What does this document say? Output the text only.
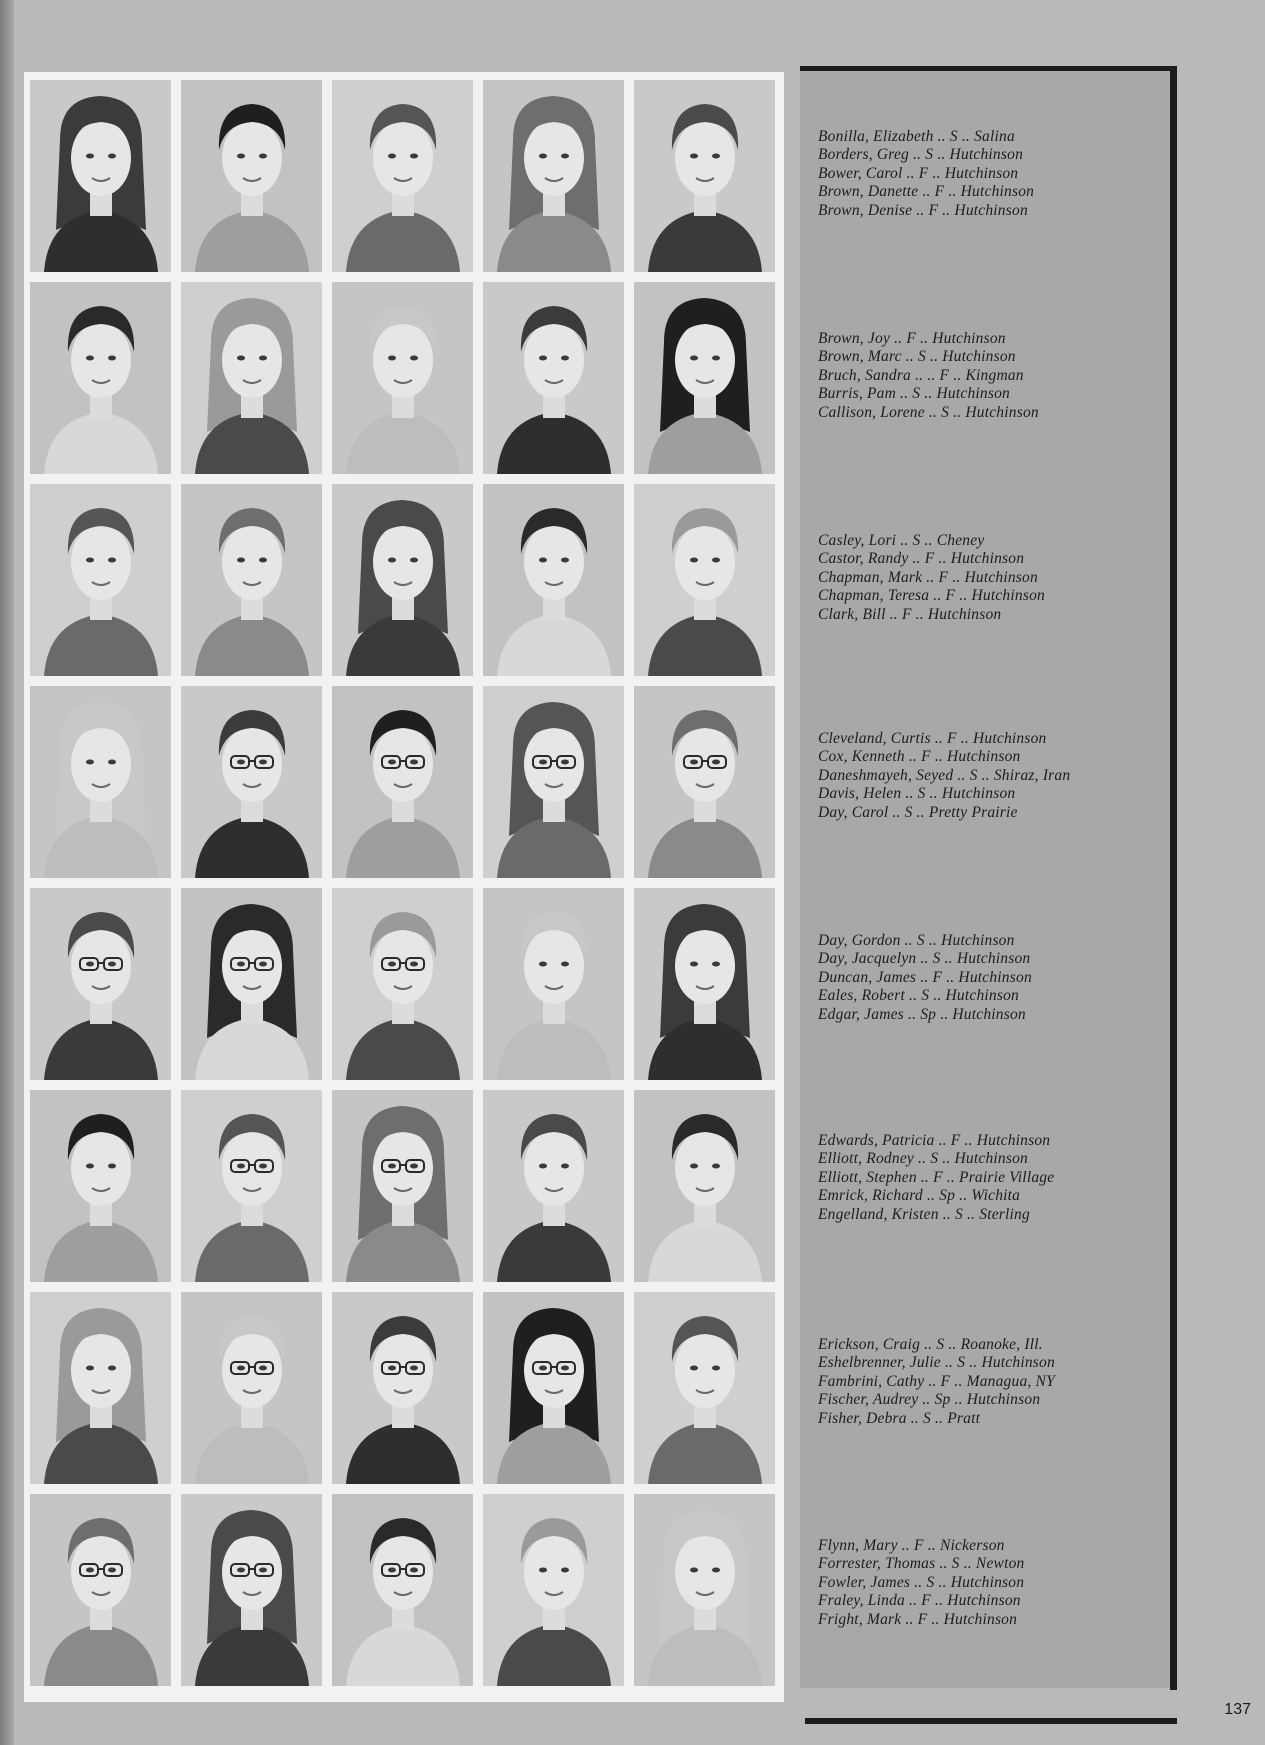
Bonilla, Elizabeth .. S .. Salina
Borders, Greg .. S .. Hutchinson
Bower, Carol .. F .. Hutchinson
Brown, Danette .. F .. Hutchinson
Brown, Denise .. F .. Hutchinson
Brown, Joy .. F .. Hutchinson
Brown, Marc .. S .. Hutchinson
Bruch, Sandra .. .. F .. Kingman
Burris, Pam .. S .. Hutchinson
Callison, Lorene .. S .. Hutchinson
Casley, Lori .. S .. Cheney
Castor, Randy .. F .. Hutchinson
Chapman, Mark .. F .. Hutchinson
Chapman, Teresa .. F .. Hutchinson
Clark, Bill .. F .. Hutchinson
Cleveland, Curtis .. F .. Hutchinson
Cox, Kenneth .. F .. Hutchinson
Daneshmayeh, Seyed .. S .. Shiraz, Iran
Davis, Helen .. S .. Hutchinson
Day, Carol .. S .. Pretty Prairie
Day, Gordon .. S .. Hutchinson
Day, Jacquelyn .. S .. Hutchinson
Duncan, James .. F .. Hutchinson
Eales, Robert .. S .. Hutchinson
Edgar, James .. Sp .. Hutchinson
Edwards, Patricia .. F .. Hutchinson
Elliott, Rodney .. S .. Hutchinson
Elliott, Stephen .. F .. Prairie Village
Emrick, Richard .. Sp .. Wichita
Engelland, Kristen .. S .. Sterling
Erickson, Craig .. S .. Roanoke, Ill.
Eshelbrenner, Julie .. S .. Hutchinson
Fambrini, Cathy .. F .. Managua, NY
Fischer, Audrey .. Sp .. Hutchinson
Fisher, Debra .. S .. Pratt
Flynn, Mary .. F .. Nickerson
Forrester, Thomas .. S .. Newton
Fowler, James .. S .. Hutchinson
Fraley, Linda .. F .. Hutchinson
Fright, Mark .. F .. Hutchinson
137
